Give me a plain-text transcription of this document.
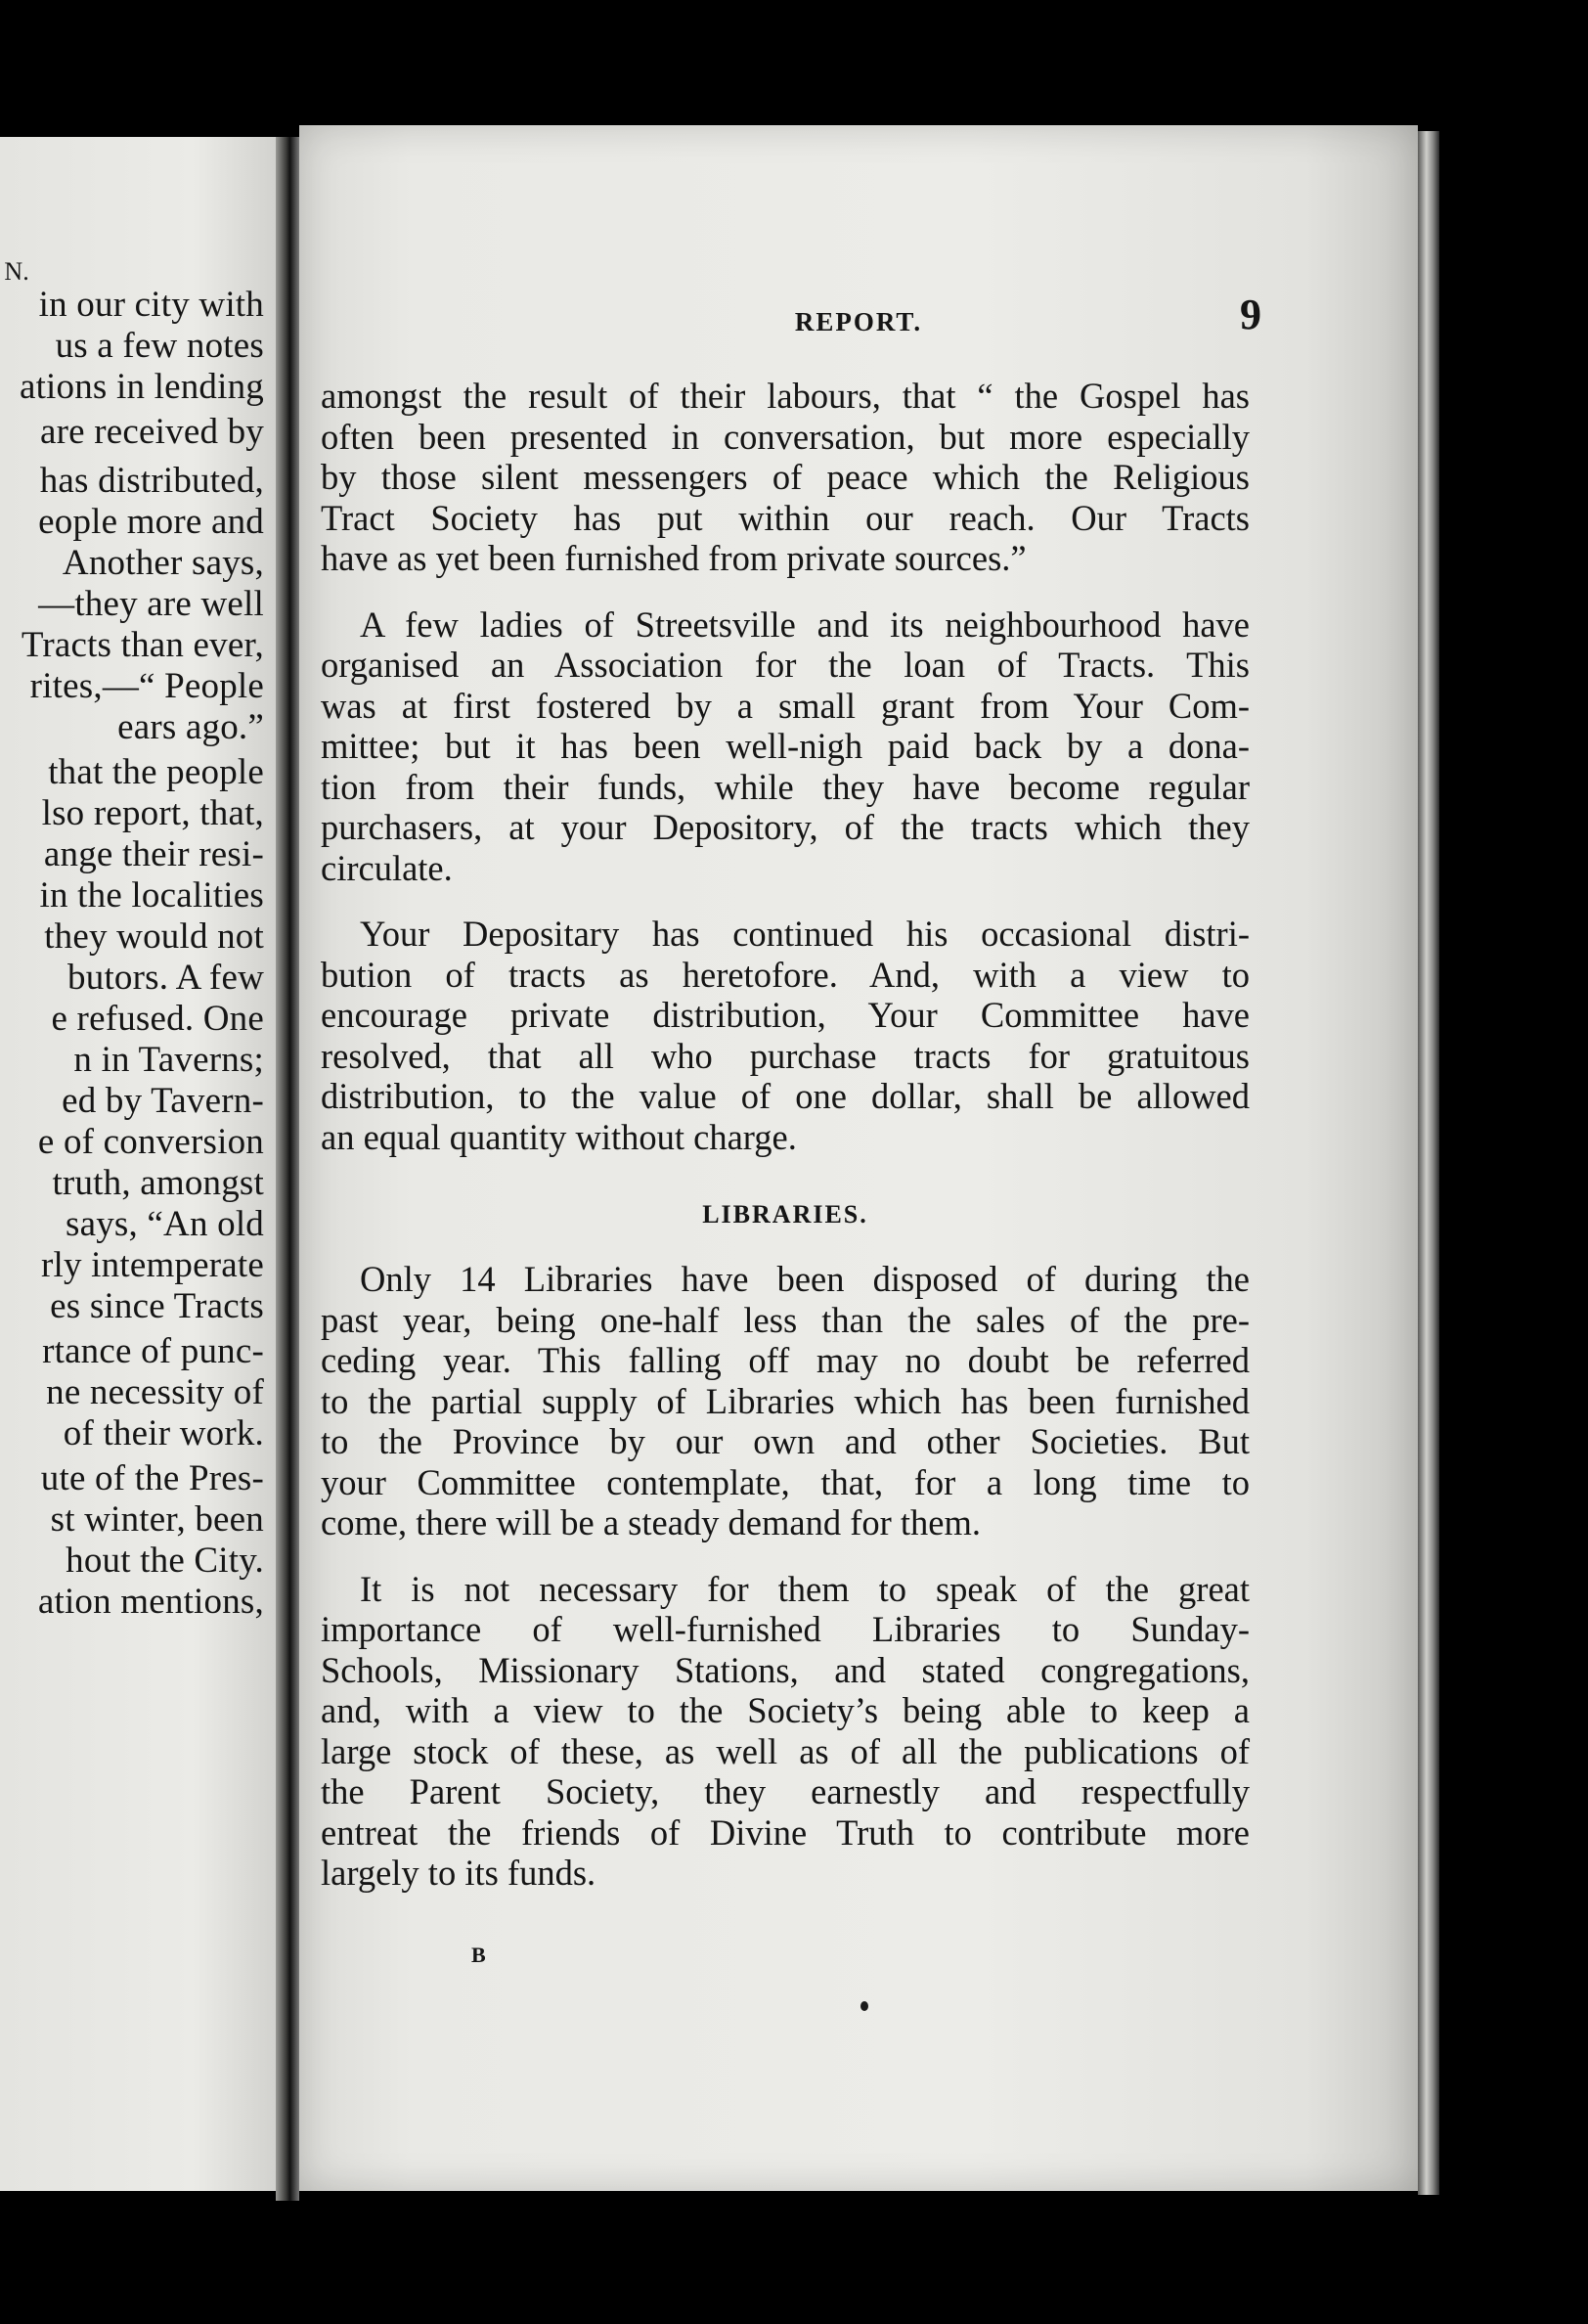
N.
in our city with
us a few notes
ations in lending
are received by
has distributed,
eople more and
Another says,
—they are well
Tracts than ever,
rites,—“ People
ears ago.”
that the people
lso report, that,
ange their resi-
in the localities
they would not
butors. A few
e refused. One
n in Taverns;
ed by Tavern-
e of conversion
truth, amongst
says, “An old
rly intemperate
es since Tracts
rtance of punc-
ne necessity of
of their work.
ute of the Pres-
st winter, been
hout the City.
ation mentions,
REPORT.	9
amongst the result of their labours, that “ the Gospel has
often been presented in conversation, but more especially
by those silent messengers of peace which the Religious
Tract Society has put within our reach. Our Tracts
have as yet been furnished from private sources.”
A few ladies of Streetsville and its neighbourhood have
organised an Association for the loan of Tracts. This
was at first fostered by a small grant from Your Com-
mittee; but it has been well-nigh paid back by a dona-
tion from their funds, while they have become regular
purchasers, at your Depository, of the tracts which they
circulate.
Your Depositary has continued his occasional distri-
bution of tracts as heretofore. And, with a view to
encourage private distribution, Your Committee have
resolved, that all who purchase tracts for gratuitous
distribution, to the value of one dollar, shall be allowed
an equal quantity without charge.
LIBRARIES.
Only 14 Libraries have been disposed of during the
past year, being one-half less than the sales of the pre-
ceding year. This falling off may no doubt be referred
to the partial supply of Libraries which has been furnished
to the Province by our own and other Societies. But
your Committee contemplate, that, for a long time to
come, there will be a steady demand for them.
It is not necessary for them to speak of the great
importance of well-furnished Libraries to Sunday-
Schools, Missionary Stations, and stated congregations,
and, with a view to the Society’s being able to keep a
large stock of these, as well as of all the publications of
the Parent Society, they earnestly and respectfully
entreat the friends of Divine Truth to contribute more
largely to its funds.
B
